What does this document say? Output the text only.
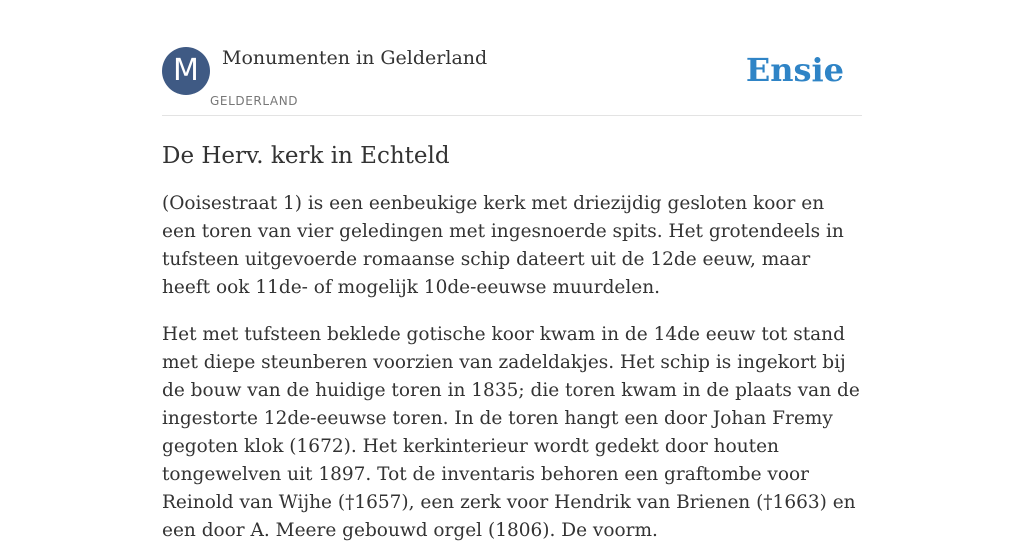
M	Monumenten in Gelderland
GELDERLAND
Ensie
De Herv. kerk in Echteld

(Ooisestraat 1) is een eenbeukige kerk met driezijdig gesloten koor en een toren van vier geledingen met ingesnoerde spits. Het grotendeels in tufsteen uitgevoerde romaanse schip dateert uit de 12de eeuw, maar heeft ook 11de- of mogelijk 10de-eeuwse muurdelen.

Het met tufsteen beklede gotische koor kwam in de 14de eeuw tot stand met diepe steunberen voorzien van zadeldakjes. Het schip is ingekort bij de bouw van de huidige toren in 1835; die toren kwam in de plaats van de ingestorte 12de-eeuwse toren. In de toren hangt een door Johan Fremy gegoten klok (1672). Het kerkinterieur wordt gedekt door houten tongewelven uit 1897. Tot de inventaris behoren een graftombe voor Reinold van Wijhe (†1657), een zerk voor Hendrik van Brienen (†1663) en een door A. Meere gebouwd orgel (1806). De voorm.
